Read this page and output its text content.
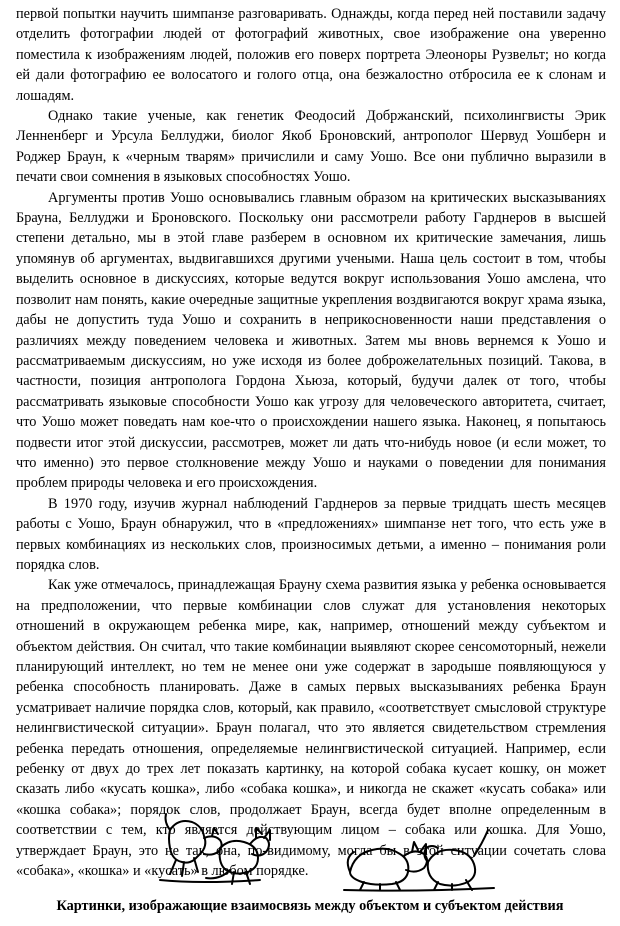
первой попытки научить шимпанзе разговаривать. Однажды, когда перед ней поставили задачу отделить фотографии людей от фотографий животных, свое изображение она уверенно поместила к изображениям людей, положив его поверх портрета Элеоноры Рузвельт; но когда ей дали фотографию ее волосатого и голого отца, она безжалостно отбросила ее к слонам и лошадям.

Однако такие ученые, как генетик Феодосий Добржанский, психолингвисты Эрик Ленненберг и Урсула Беллуджи, биолог Якоб Броновский, антрополог Шервуд Уошберн и Роджер Браун, к «черным тварям» причислили и саму Уошо. Все они публично выразили в печати свои сомнения в языковых способностях Уошо.

Аргументы против Уошо основывались главным образом на критических высказываниях Брауна, Беллуджи и Броновского. Поскольку они рассмотрели работу Гарднеров в высшей степени детально, мы в этой главе разберем в основном их критические замечания, лишь упомянув об аргументах, выдвигавшихся другими учеными. Наша цель состоит в том, чтобы выделить основное в дискуссиях, которые ведутся вокруг использования Уошо амслена, что позволит нам понять, какие очередные защитные укрепления воздвигаются вокруг храма языка, дабы не допустить туда Уошо и сохранить в неприкосновенности наши представления о различиях между поведением человека и животных. Затем мы вновь вернемся к Уошо и рассматриваемым дискуссиям, но уже исходя из более доброжелательных позиций. Такова, в частности, позиция антрополога Гордона Хьюза, который, будучи далек от того, чтобы рассматривать языковые способности Уошо как угрозу для человеческого авторитета, считает, что Уошо может поведать нам кое-что о происхождении нашего языка. Наконец, я попытаюсь подвести итог этой дискуссии, рассмотрев, может ли дать что-нибудь новое (и если может, то что именно) это первое столкновение между Уошо и науками о поведении для понимания проблем природы человека и его происхождения.

В 1970 году, изучив журнал наблюдений Гарднеров за первые тридцать шесть месяцев работы с Уошо, Браун обнаружил, что в «предложениях» шимпанзе нет того, что есть уже в первых комбинациях из нескольких слов, произносимых детьми, а именно – понимания роли порядка слов.

Как уже отмечалось, принадлежащая Брауну схема развития языка у ребенка основывается на предположении, что первые комбинации слов служат для установления некоторых отношений в окружающем ребенка мире, как, например, отношений между субъектом и объектом действия. Он считал, что такие комбинации выявляют скорее сенсомоторный, нежели планирующий интеллект, но тем не менее они уже содержат в зародыше появляющуюся у ребенка способность планировать. Даже в самых первых высказываниях ребенка Браун усматривает наличие порядка слов, который, как правило, «соответствует смысловой структуре нелингвистической ситуации». Браун полагал, что это является свидетельством стремления ребенка передать отношения, определяемые нелингвистической ситуацией. Например, если ребенку от двух до трех лет показать картинку, на которой собака кусает кошку, он может сказать либо «кусать кошка», либо «собака кошка», и никогда не скажет «кусать собака» или «кошка собака»; порядок слов, продолжает Браун, всегда будет вполне определенным в соответствии с тем, кто является действующим лицом – собака или кошка. Для Уошо, утверждает Браун, это не так, она, по-видимому, могла бы в этой ситуации сочетать слова «собака», «кошка» и «кусать» в любом порядке.

Картинки, изображающие взаимосвязь между объектом и субъектом действия
